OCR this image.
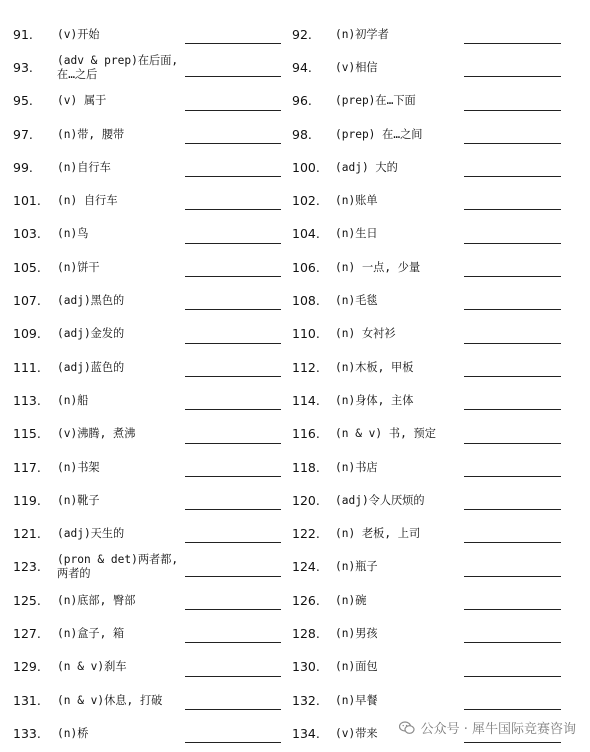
91. (v)开始	92. (n)初学者
93. (adv & prep)在后面,
在…之后	94. (v)相信
95. (v) 属于	96. (prep)在…下面
97. (n)带, 腰带	98. (prep) 在…之间
99. (n)自行车	100. (adj) 大的
101. (n) 自行车	102. (n)账单
103. (n)鸟	104. (n)生日
105. (n)饼干	106. (n) 一点, 少量
107. (adj)黑色的	108. (n)毛毯
109. (adj)金发的	110. (n) 女衬衫
111. (adj)蓝色的	112. (n)木板, 甲板
113. (n)船	114. (n)身体, 主体
115. (v)沸腾, 煮沸	116. (n & v) 书, 预定
117. (n)书架	118. (n)书店
119. (n)靴子	120. (adj)令人厌烦的
121. (adj)天生的	122. (n) 老板, 上司
123. (pron & det)两者都,
两者的	124. (n)瓶子
125. (n)底部, 臀部	126. (n)碗
127. (n)盒子, 箱	128. (n)男孩
129. (n & v)刹车	130. (n)面包
131. (n & v)休息, 打破	132. (n)早餐
133. (n)桥	134. (v)带来	公众号 · 犀牛国际竞赛咨询
